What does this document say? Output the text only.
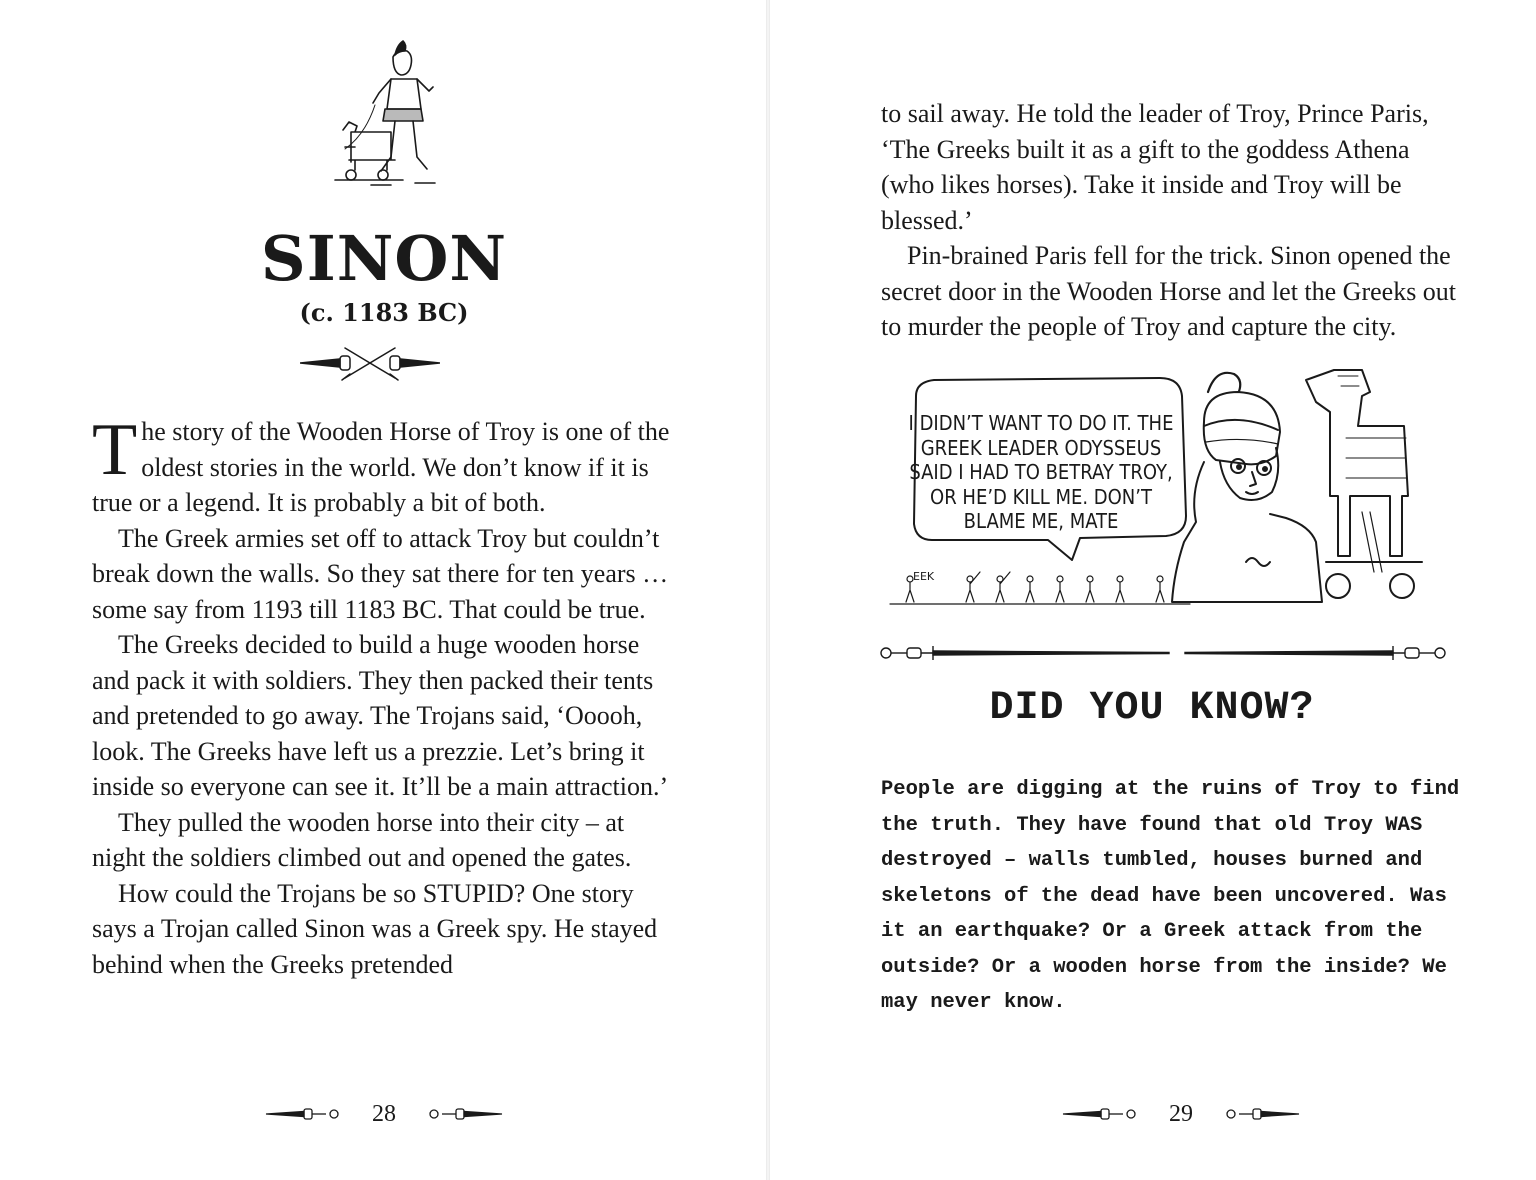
SINON

(c. 1183 BC)

The story of the Wooden Horse of Troy is one of the oldest stories in the world. We don’t know if it is true or a legend. It is probably a bit of both.

The Greek armies set off to attack Troy but couldn’t break down the walls. So they sat there for ten years … some say from 1193 till 1183 BC. That could be true.

The Greeks decided to build a huge wooden horse and pack it with soldiers. They then packed their tents and pretended to go away. The Trojans said, ‘Ooooh, look. The Greeks have left us a prezzie. Let’s bring it inside so everyone can see it. It’ll be a main attraction.’

They pulled the wooden horse into their city – at night the soldiers climbed out and opened the gates.

How could the Trojans be so STUPID? One story says a Trojan called Sinon was a Greek spy. He stayed behind when the Greeks pretended

28

to sail away. He told the leader of Troy, Prince Paris, ‘The Greeks built it as a gift to the goddess Athena (who likes horses). Take it inside and Troy will be blessed.’

Pin-brained Paris fell for the trick. Sinon opened the secret door in the Wooden Horse and let the Greeks out to murder the people of Troy and capture the city.

I DIDN’T WANT TO DO IT. THE GREEK LEADER ODYSSEUS SAID I HAD TO BETRAY TROY, OR HE’D KILL ME. DON’T BLAME ME, MATE

EEK

DID YOU KNOW?

People are digging at the ruins of Troy to find the truth. They have found that old Troy WAS destroyed – walls tumbled, houses burned and skeletons of the dead have been uncovered. Was it an earthquake? Or a Greek attack from the outside? Or a wooden horse from the inside? We may never know.

29
